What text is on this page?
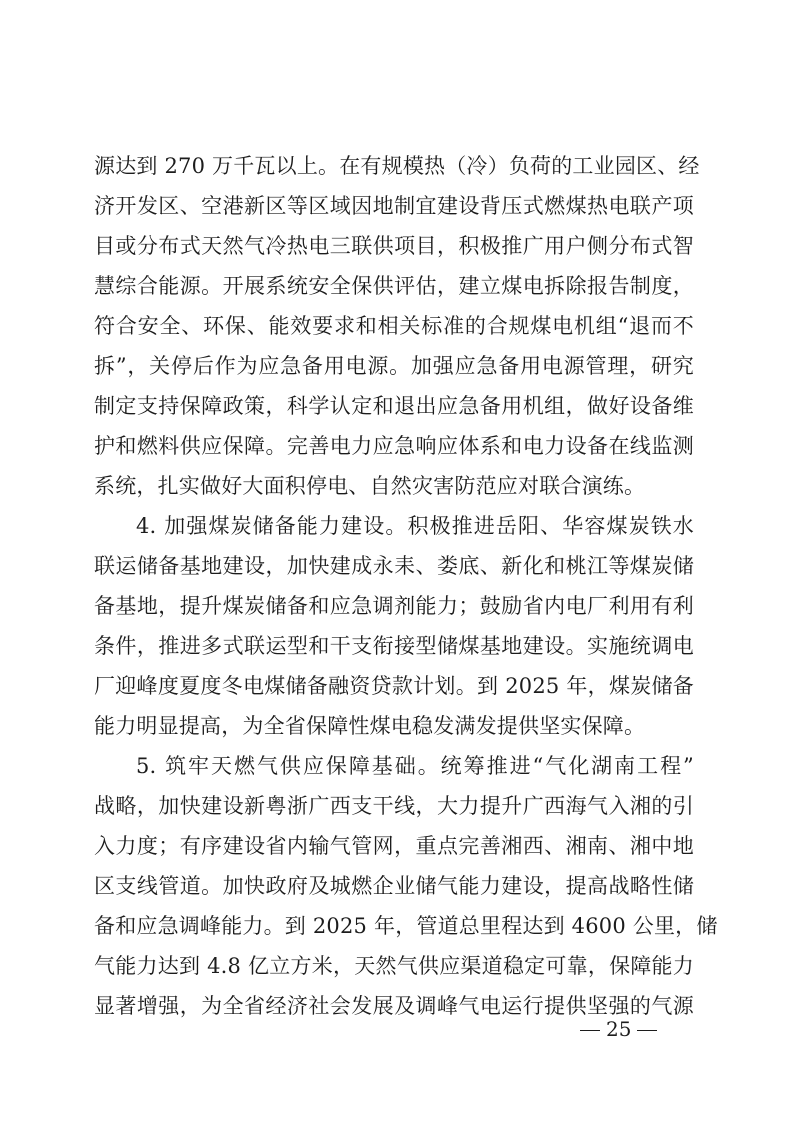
源达到 270 万千瓦以上。在有规模热（冷）负荷的工业园区、经
济开发区、空港新区等区域因地制宜建设背压式燃煤热电联产项
目或分布式天然气冷热电三联供项目，积极推广用户侧分布式智
慧综合能源。开展系统安全保供评估，建立煤电拆除报告制度，
符合安全、环保、能效要求和相关标准的合规煤电机组“退而不
拆”，关停后作为应急备用电源。加强应急备用电源管理，研究
制定支持保障政策，科学认定和退出应急备用机组，做好设备维
护和燃料供应保障。完善电力应急响应体系和电力设备在线监测
系统，扎实做好大面积停电、自然灾害防范应对联合演练。
4. 加强煤炭储备能力建设。积极推进岳阳、华容煤炭铁水
联运储备基地建设，加快建成永耒、娄底、新化和桃江等煤炭储
备基地，提升煤炭储备和应急调剂能力；鼓励省内电厂利用有利
条件，推进多式联运型和干支衔接型储煤基地建设。实施统调电
厂迎峰度夏度冬电煤储备融资贷款计划。到 2025 年，煤炭储备
能力明显提高，为全省保障性煤电稳发满发提供坚实保障。
5. 筑牢天燃气供应保障基础。统筹推进“气化湖南工程”
战略，加快建设新粤浙广西支干线，大力提升广西海气入湘的引
入力度；有序建设省内输气管网，重点完善湘西、湘南、湘中地
区支线管道。加快政府及城燃企业储气能力建设，提高战略性储
备和应急调峰能力。到 2025 年，管道总里程达到 4600 公里，储
气能力达到 4.8 亿立方米，天然气供应渠道稳定可靠，保障能力
显著增强，为全省经济社会发展及调峰气电运行提供坚强的气源
25
